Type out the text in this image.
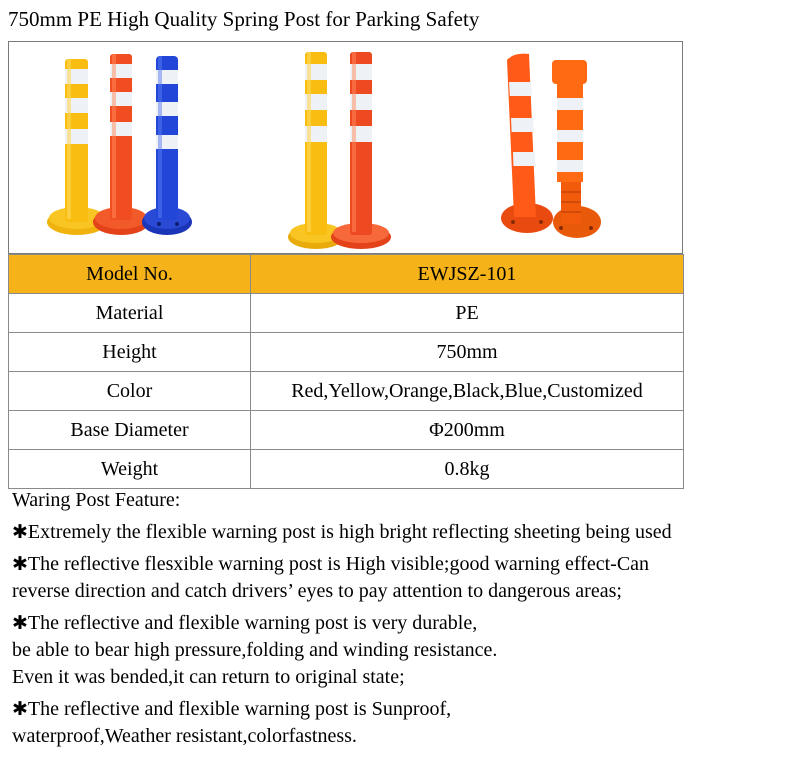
750mm PE High Quality Spring Post for Parking Safety
Model No.	EWJSZ-101
Material	PE
Height	750mm
Color	Red,Yellow,Orange,Black,Blue,Customized
Base Diameter	Φ200mm
Weight	0.8kg
Waring Post Feature:
✱Extremely the flexible warning post is high bright reflecting sheeting being used
✱The reflective flesxible warning post is High visible;good warning effect-Can
reverse direction and catch drivers’ eyes to pay attention to dangerous areas;
✱The reflective and flexible warning post is very durable,
be able to bear high pressure,folding and winding resistance.
Even it was bended,it can return to original state;
✱The reflective and flexible warning post is Sunproof,
waterproof,Weather resistant,colorfastness.
